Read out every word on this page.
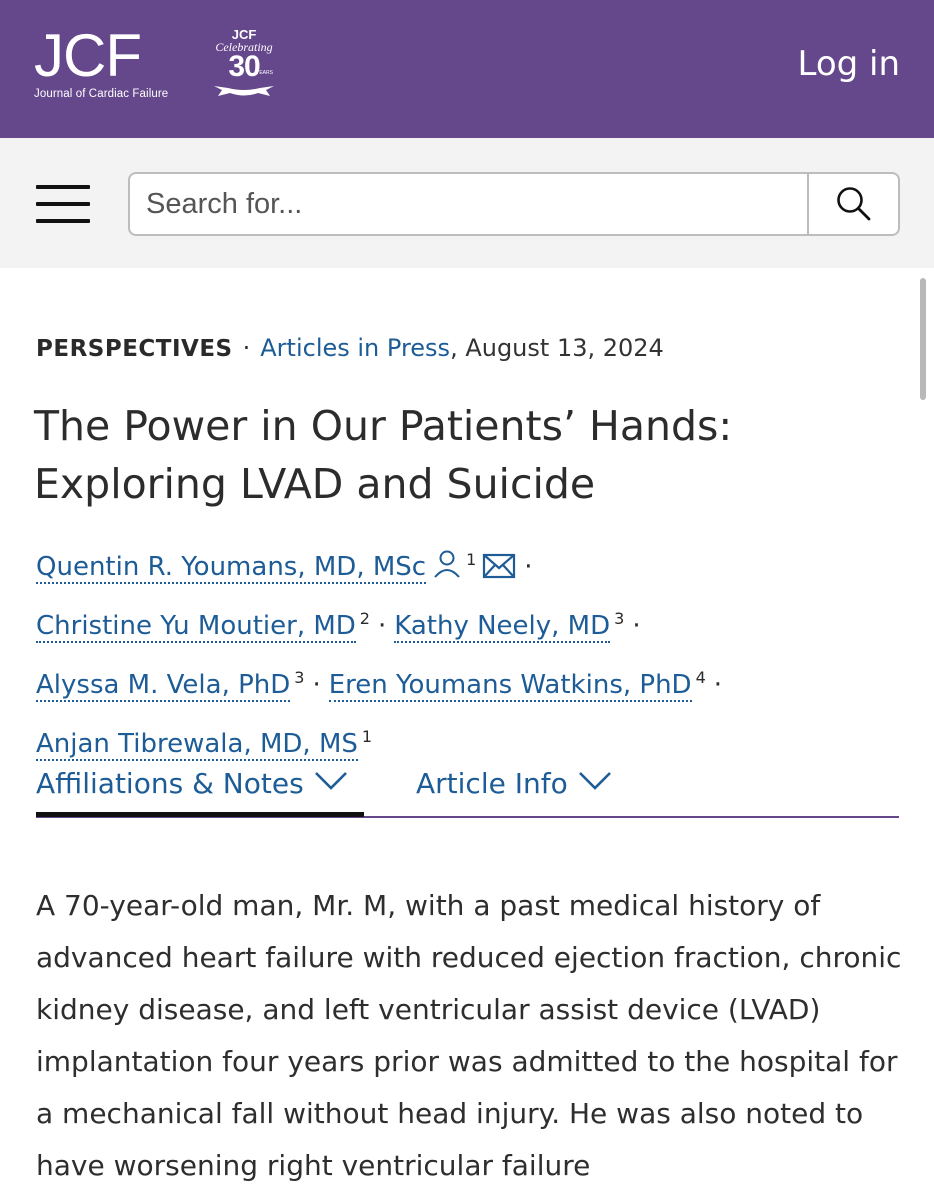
JCF
Journal of Cardiac Failure
JCF
Celebrating
30
YEARS	Log in
Search for...
PERSPECTIVES · Articles in Press, August 13, 2024
The Power in Our Patients’ Hands: Exploring LVAD and Suicide
Quentin R. Youmans, MD, MSc	$^1$ ·
Christine Yu Moutier, MD $^2$ · Kathy Neely, MD $^3$ ·
Alyssa M. Vela, PhD $^3$ · Eren Youmans Watkins, PhD $^4$ ·
Anjan Tibrewala, MD, MS $^1$
Affiliations & Notes	Article Info

A 70-year-old man, Mr. M, with a past medical history of advanced heart failure with reduced ejection fraction, chronic kidney disease, and left ventricular assist device (LVAD) implantation four years prior was admitted to the hospital for a mechanical fall without head injury. He was also noted to have worsening right ventricular failure
